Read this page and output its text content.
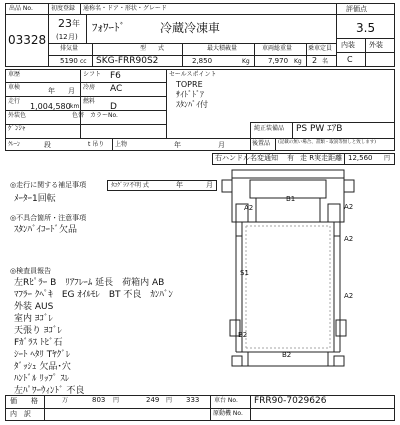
出品 No.
03328
初度登録 通称名・ドア・形状・グレード
23 年
(12 月)
ﾌｫﾜｰﾄﾞ	冷蔵冷凍車
評価点
3.5
内装 外装
C
排気量	型　　式	最大積載量	車両総重量	乗車定員
5190 cc SKG-FRR90S2	2,850	Kg	7,970 Kg 2 名
車歴
車検	年 月
走行
1,004,580 km
外装色
ｹﾞﾝｼｬ
色替
シフト F6
冷房 AC
燃料
D
カラーNo.
セールスポイント
TOPRE
ｻｲﾄﾞﾄﾞｱ
ｽﾀﾝﾊﾞｲ付
純正装備品 PS PW ｴｱB
ｸﾚｰﾝ	段	t 吊り 上物	年	月	後置品 (記載の無い場合、書類・取説等無しと致します)
右ハンドル 名変通知 有 走 R実走距離 12,560 円
◎走行に関する補足事項	ﾀｺｸﾞﾗﾌ不明 式	年	月
ﾒｰﾀｰ1回転
◎不具合箇所・注意事項
ｽﾀﾝﾊﾞｲｺｰﾄﾞ欠品
◎検査員報告
左Rﾋﾟﾗｰ B　ﾘｱﾌﾚｰﾑ 延長　荷箱内 AB
ﾏﾌﾗｰ ｸﾍﾟｷ　EG ｵｲﾙﾓﾚ　BT 不良　ｶﾝﾊﾞﾝ
外装 AUS
室内 ﾖｺﾞﾚ
天張り ﾖｺﾞﾚ
Fｶﾞﾗｽ ﾄﾋﾞ石
ｼｰﾄ ﾍﾀﾘ Tﾔｸﾞﾚ
ﾀﾞｯｼｭ 欠品･穴
ﾊﾝﾄﾞﾙ ﾘｯﾌﾟ ｽﾚ
左ﾊﾟﾜｰｳｨﾝﾄﾞ 不良
B1
A2	A2
A2
S1
A2
B2
B2
価　　格	万	803 円	249 円 333 車台 No. FRR90-7029626
内　訳	原動機 No.
